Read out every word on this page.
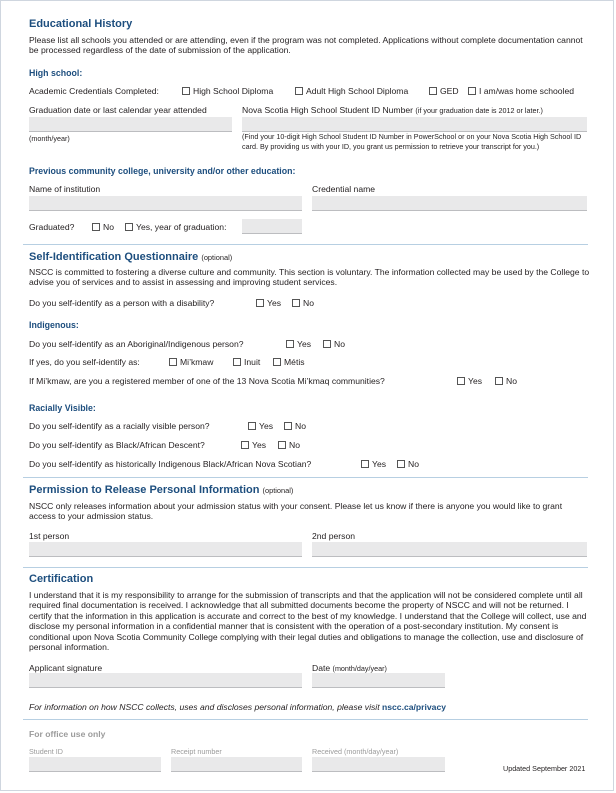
Educational History
Please list all schools you attended or are attending, even if the program was not completed. Applications without complete documentation cannot be processed regardless of the date of submission of the application.
High school:
Academic Credentials Completed:	High School Diploma	Adult High School Diploma	GED	I am/was home schooled
Graduation date or last calendar year attended	Nova Scotia High School Student ID Number (if your graduation date is 2012 or later.)
(month/year)	(Find your 10-digit High School Student ID Number in PowerSchool or on your Nova Scotia High School ID card. By providing us with your ID, you grant us permission to retrieve your transcript for you.)
Previous community college, university and/or other education:
Name of institution	Credential name
Graduated?	No	Yes, year of graduation:
Self-Identification Questionnaire (optional)
NSCC is committed to fostering a diverse culture and community. This section is voluntary. The information collected may be used by the College to advise you of services and to assist in assessing and improving student services.
Do you self-identify as a person with a disability?	Yes	No
Indigenous:
Do you self-identify as an Aboriginal/Indigenous person?	Yes	No
If yes, do you self-identify as:	Mi’kmaw	Inuit	Métis
If Mi’kmaw, are you a registered member of one of the 13 Nova Scotia Mi’kmaq communities?	Yes	No
Racially Visible:
Do you self-identify as a racially visible person?	Yes	No
Do you self-identify as Black/African Descent?	Yes	No
Do you self-identify as historically Indigenous Black/African Nova Scotian?	Yes	No
Permission to Release Personal Information (optional)
NSCC only releases information about your admission status with your consent. Please let us know if there is anyone you would like to grant access to your admission status.
1st person	2nd person
Certification
I understand that it is my responsibility to arrange for the submission of transcripts and that the application will not be considered complete until all required final documentation is received. I acknowledge that all submitted documents become the property of NSCC and will not be returned. I certify that the information in this application is accurate and correct to the best of my knowledge. I understand that the College will collect, use and disclose my personal information in a confidential manner that is consistent with the operation of a post-secondary institution. My consent is conditional upon Nova Scotia Community College complying with their legal duties and obligations to manage the collection, use and disclosure of personal information.
Applicant signature	Date (month/day/year)
For information on how NSCC collects, uses and discloses personal information, please visit nscc.ca/privacy
For office use only
Student ID	Receipt number	Received (month/day/year)
Updated September 2021
